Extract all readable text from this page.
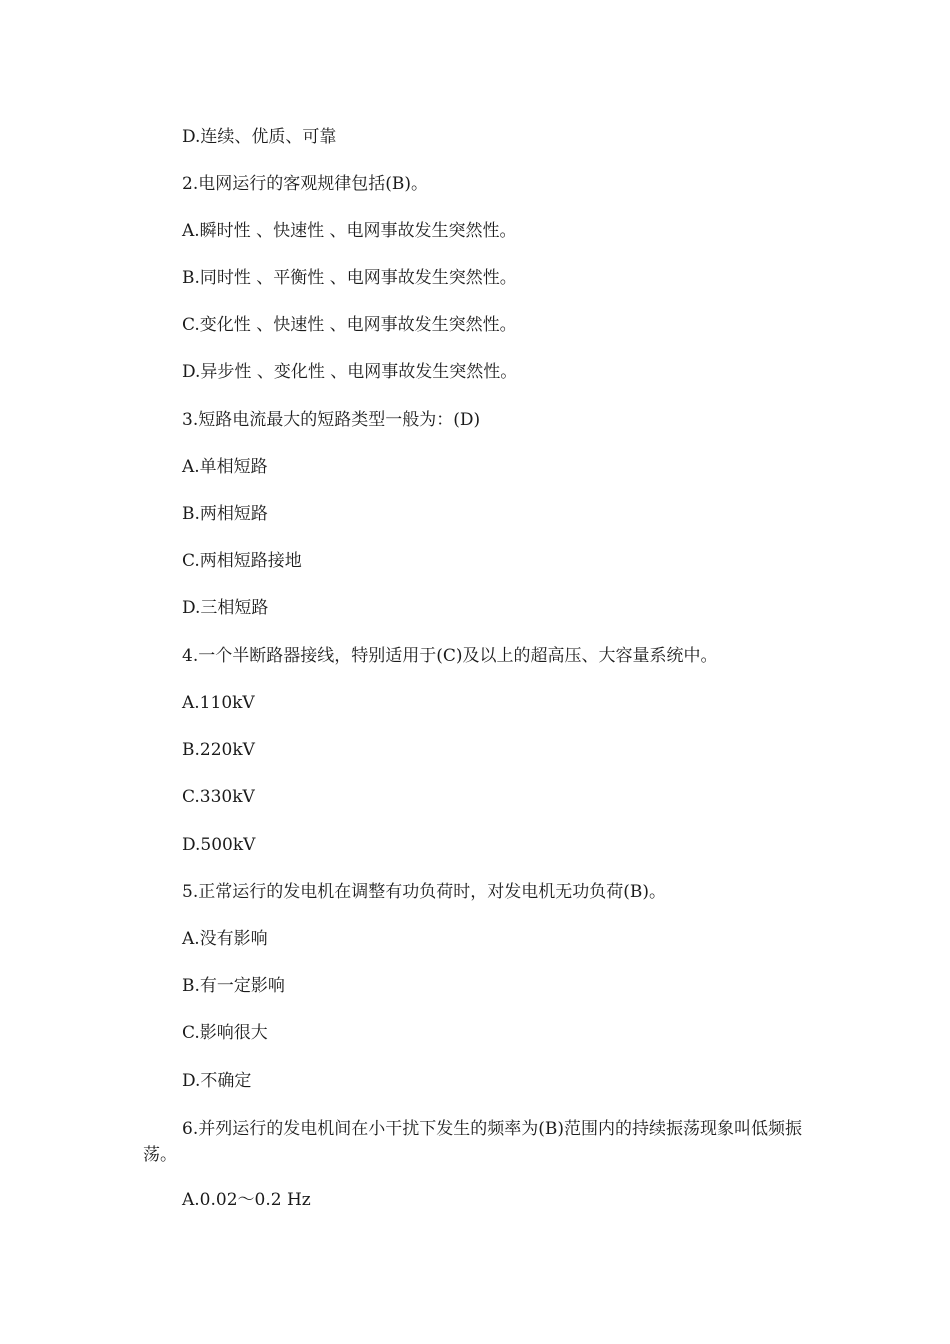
D.连续、优质、可靠

2.电网运行的客观规律包括(B)。

A.瞬时性 、快速性 、电网事故发生突然性。

B.同时性 、平衡性 、电网事故发生突然性。

C.变化性 、快速性 、电网事故发生突然性。

D.异步性 、变化性 、电网事故发生突然性。

3.短路电流最大的短路类型一般为：(D)

A.单相短路

B.两相短路

C.两相短路接地

D.三相短路

4.一个半断路器接线，特别适用于(C)及以上的超高压、大容量系统中。

A.110kV

B.220kV

C.330kV

D.500kV

5.正常运行的发电机在调整有功负荷时，对发电机无功负荷(B)。

A.没有影响

B.有一定影响

C.影响很大

D.不确定

6.并列运行的发电机间在小干扰下发生的频率为(B)范围内的持续振荡现象叫低频振荡。

A.0.02～0.2 Hz
